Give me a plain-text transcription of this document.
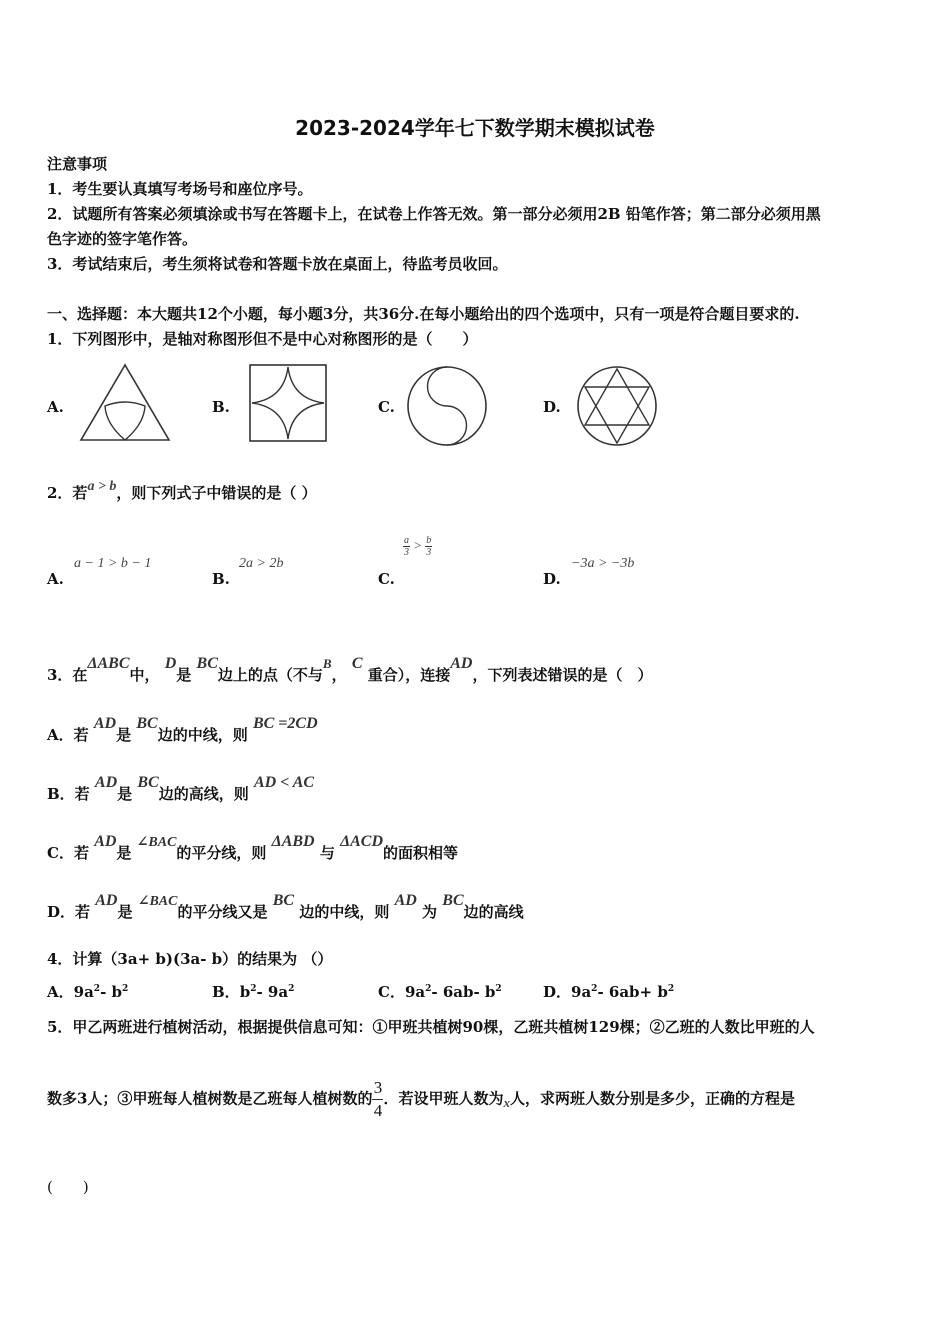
2023-2024学年七下数学期末模拟试卷
注意事项
1．考生要认真填写考场号和座位序号。
2．试题所有答案必须填涂或书写在答题卡上，在试卷上作答无效。第一部分必须用2B 铅笔作答；第二部分必须用黑
色字迹的签字笔作答。
3．考试结束后，考生须将试卷和答题卡放在桌面上，待监考员收回。
一、选择题：本大题共12个小题，每小题3分，共36分.在每小题给出的四个选项中，只有一项是符合题目要求的.
1．下列图形中，是轴对称图形但不是中心对称图形的是（　　）
A.	B.	C.	D.
2．若a > b，则下列式子中错误的是（ ）
A.
a − 1 > b − 1
B.
2a > 2b
C.
$\frac{a}{3} > \frac{b}{3}$
D.
−3a > −3b
3．在ΔABC中， D是 BC边上的点（不与B， C 重合），连接AD，下列表述错误的是（　）
A．若 AD是 BC边的中线，则 BC =2CD
B．若 AD是 BC边的高线，则 AD < AC
C．若 AD是 ∠BAC的平分线，则 ΔABD 与 ΔACD的面积相等
D．若 AD是 ∠BAC的平分线又是 BC 边的中线，则 AD 为 BC边的高线
4．计算（3a+ b)(3a- b）的结果为 （）
A．$9a^2-$ $b^2$	B．$b^2-$ $9a^2$	C．$9a^2-$ 6ab- $b^2$	D．$9a^2-$ $6ab+ b^2$
5．甲乙两班进行植树活动，根据提供信息可知：①甲班共植树90棵，乙班共植树129棵；②乙班的人数比甲班的人
数多3人；③甲班每人植树数是乙班每人植树数的$\frac{3}{4}$．若设甲班人数为x人，求两班人数分别是多少，正确的方程是
(　　)
